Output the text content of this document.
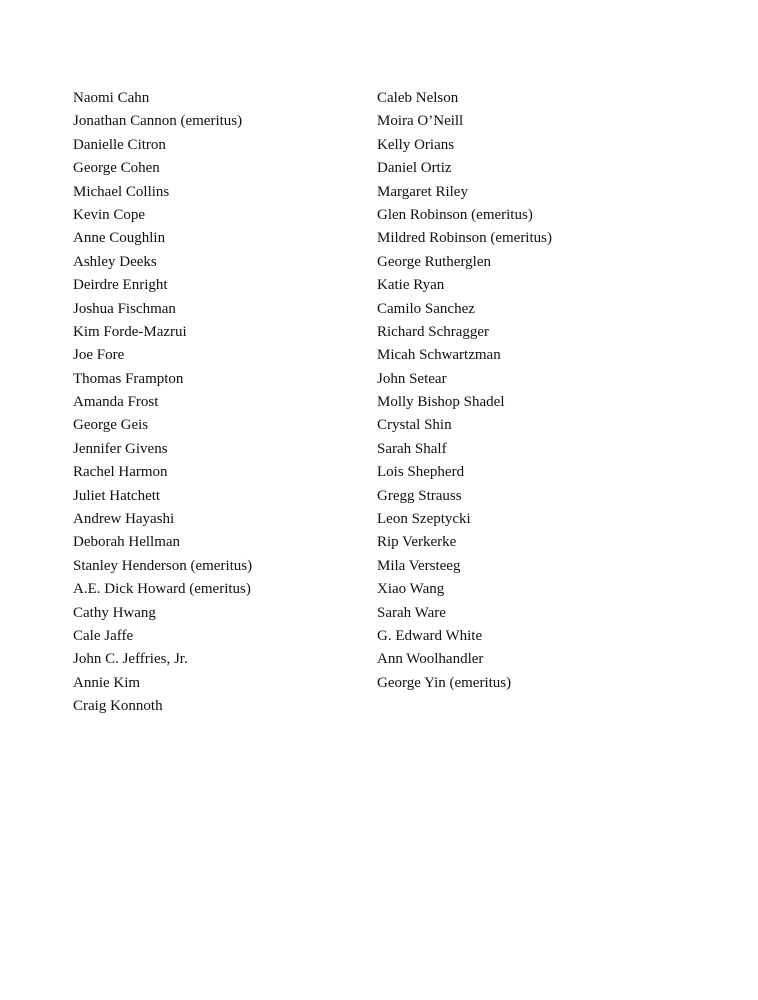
Naomi Cahn
Jonathan Cannon (emeritus)
Danielle Citron
George Cohen
Michael Collins
Kevin Cope
Anne Coughlin
Ashley Deeks
Deirdre Enright
Joshua Fischman
Kim Forde-Mazrui
Joe Fore
Thomas Frampton
Amanda Frost
George Geis
Jennifer Givens
Rachel Harmon
Juliet Hatchett
Andrew Hayashi
Deborah Hellman
Stanley Henderson (emeritus)
A.E. Dick Howard (emeritus)
Cathy Hwang
Cale Jaffe
John C. Jeffries, Jr.
Annie Kim
Craig Konnoth
Caleb Nelson
Moira O’Neill
Kelly Orians
Daniel Ortiz
Margaret Riley
Glen Robinson (emeritus)
Mildred Robinson (emeritus)
George Rutherglen
Katie Ryan
Camilo Sanchez
Richard Schragger
Micah Schwartzman
John Setear
Molly Bishop Shadel
Crystal Shin
Sarah Shalf
Lois Shepherd
Gregg Strauss
Leon Szeptycki
Rip Verkerke
Mila Versteeg
Xiao Wang
Sarah Ware
G. Edward White
Ann Woolhandler
George Yin (emeritus)
